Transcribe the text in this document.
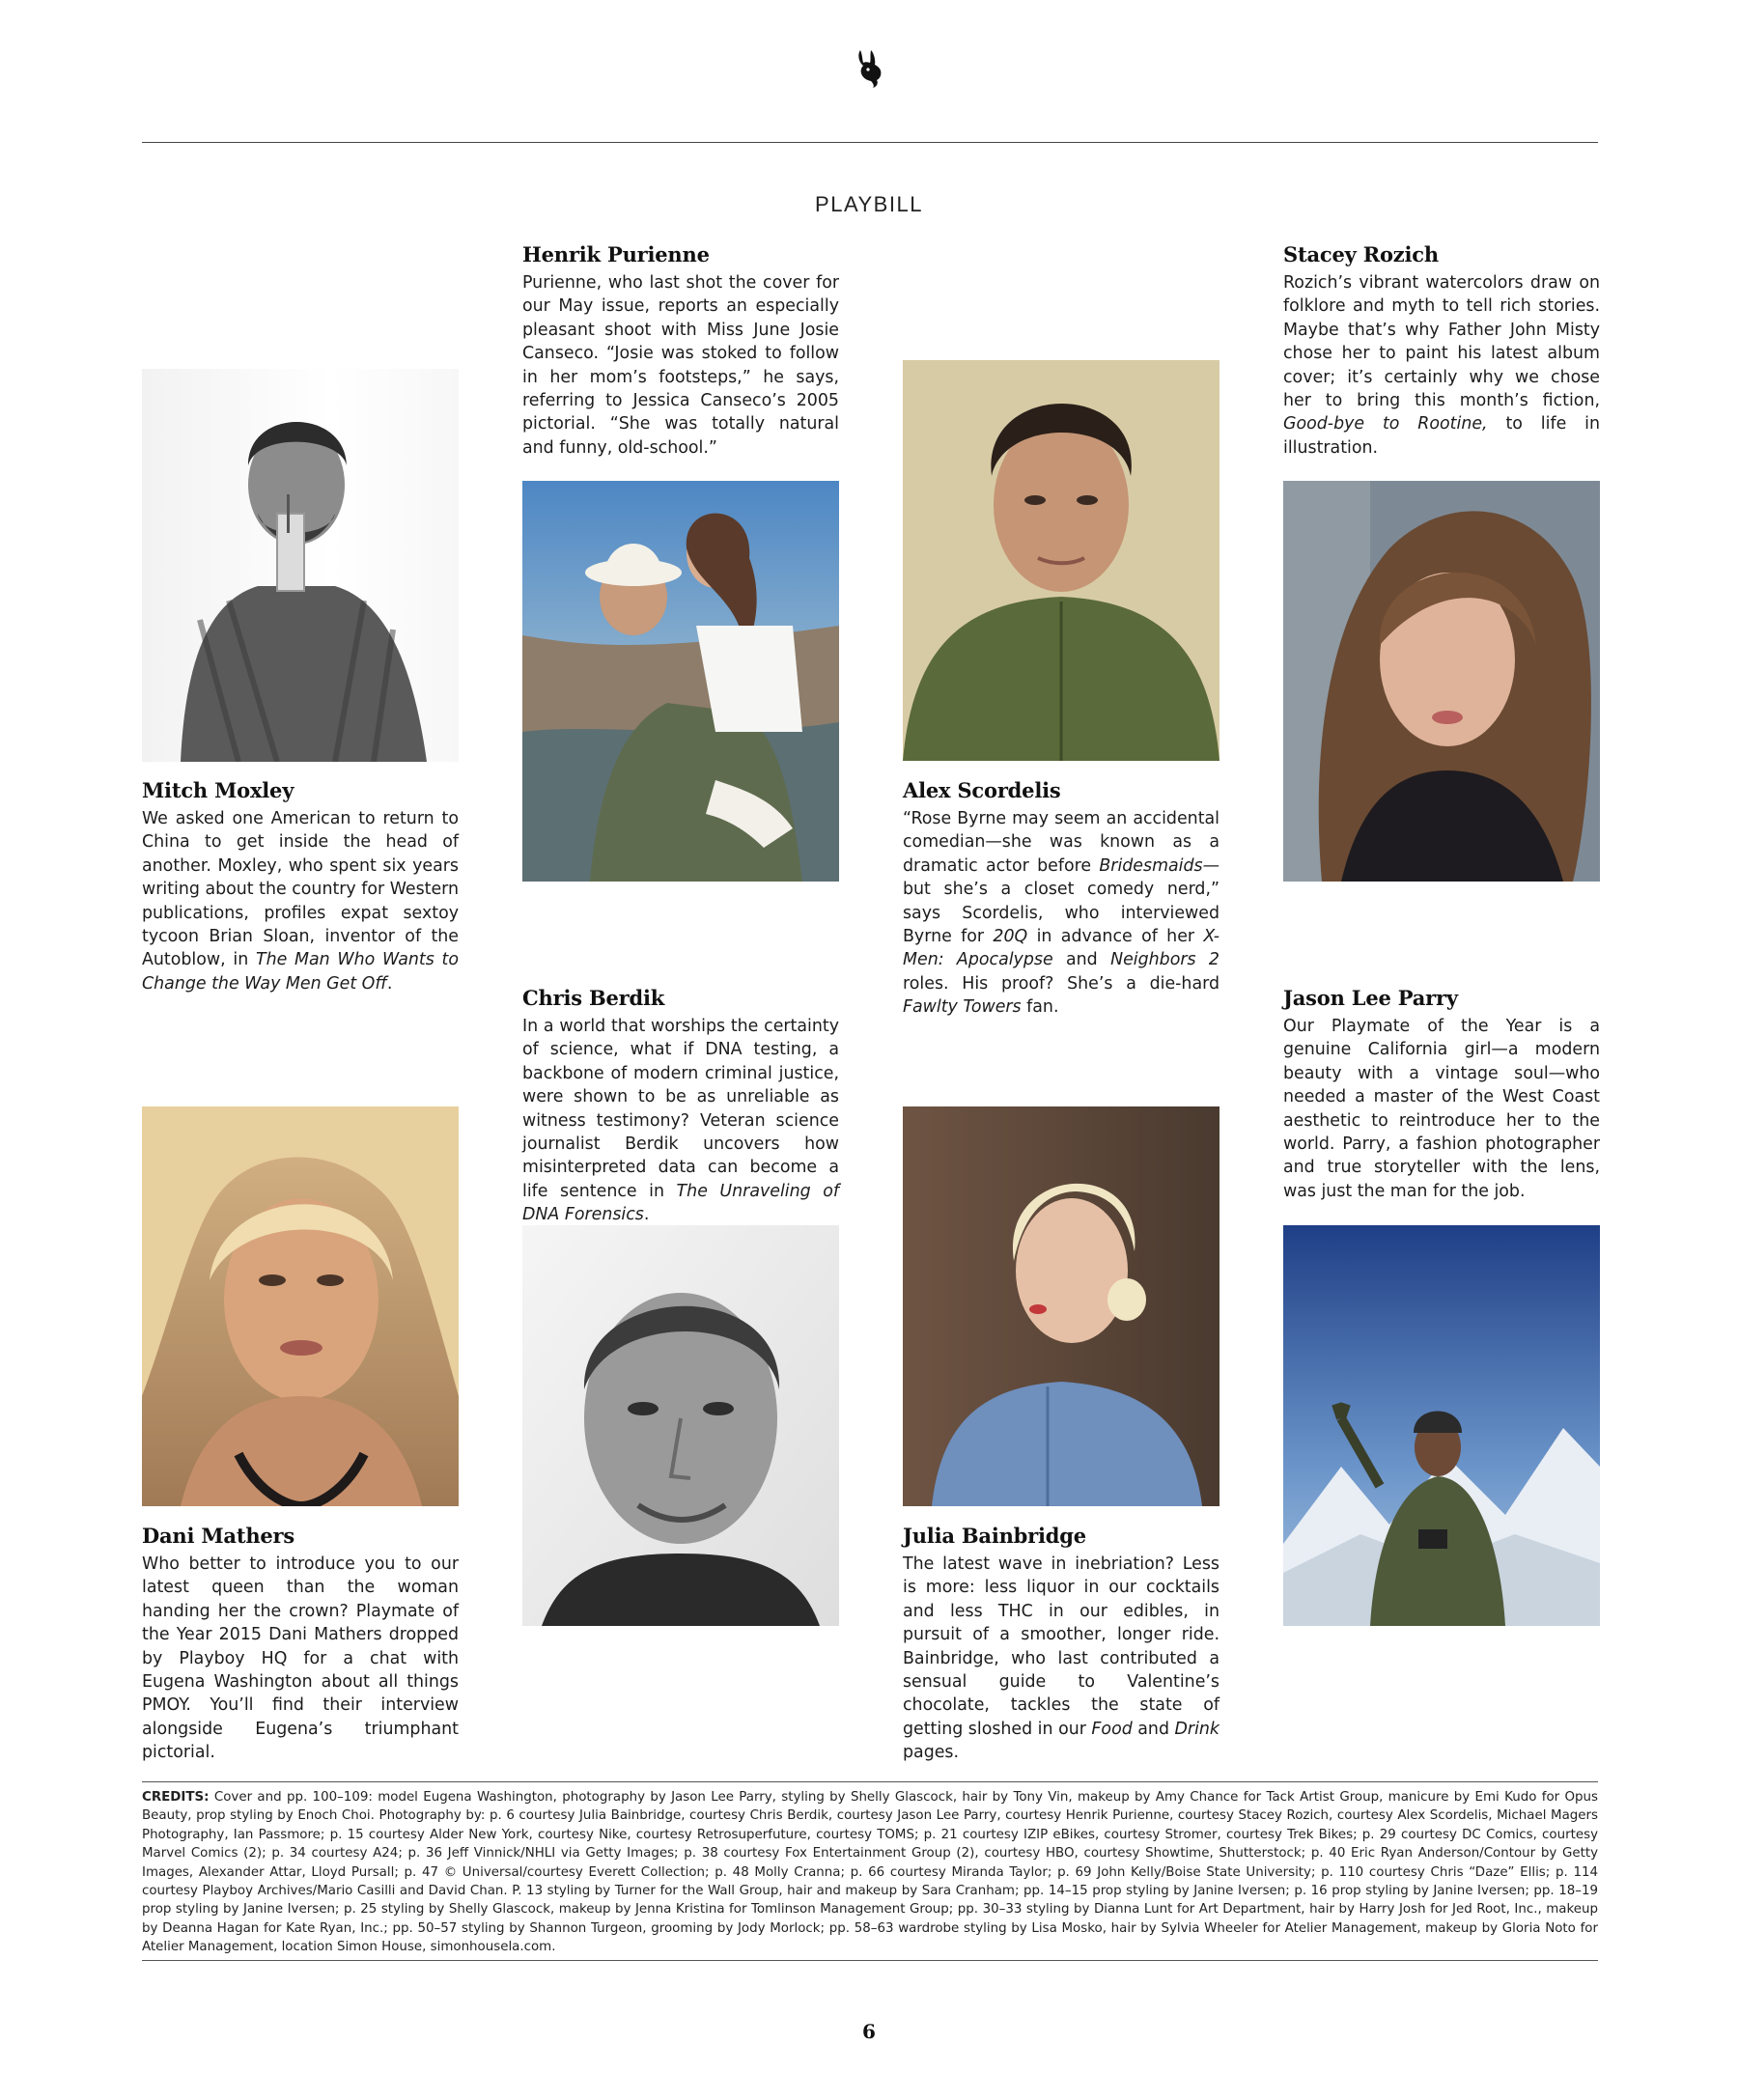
PLAYBILL
Mitch Moxley

We asked one American to return to China to get inside the head of another. Moxley, who spent six years writing about the country for Western publications, profiles expat sextoy tycoon Brian Sloan, inventor of the Autoblow, in The Man Who Wants to Change the Way Men Get Off.

Dani Mathers

Who better to introduce you to our latest queen than the woman handing her the crown? Playmate of the Year 2015 Dani Mathers dropped by Playboy HQ for a chat with Eugena Washington about all things PMOY. You’ll find their interview alongside Eugena’s triumphant pictorial.

Henrik Purienne

Purienne, who last shot the cover for our May issue, reports an especially pleasant shoot with Miss June Josie Canseco. “Josie was stoked to follow in her mom’s footsteps,” he says, referring to Jessica Canseco’s 2005 pictorial. “She was totally natural and funny, old-school.”

Chris Berdik

In a world that worships the certainty of science, what if DNA testing, a backbone of modern criminal justice, were shown to be as unreliable as witness testimony? Veteran science journalist Berdik uncovers how misinterpreted data can become a life sentence in The Unraveling of DNA Forensics.

Alex Scordelis

“Rose Byrne may seem an accidental comedian—she was known as a dramatic actor before Bridesmaids— but she’s a closet comedy nerd,” says Scordelis, who interviewed Byrne for 20Q in advance of her X-Men: Apocalypse and Neighbors 2 roles. His proof? She’s a die-hard Fawlty Towers fan.

Julia Bainbridge

The latest wave in inebriation? Less is more: less liquor in our cocktails and less THC in our edibles, in pursuit of a smoother, longer ride. Bainbridge, who last contributed a sensual guide to Valentine’s chocolate, tackles the state of getting sloshed in our Food and Drink pages.

Stacey Rozich

Rozich’s vibrant watercolors draw on folklore and myth to tell rich stories. Maybe that’s why Father John Misty chose her to paint his latest album cover; it’s certainly why we chose her to bring this month’s fiction, Good-bye to Rootine, to life in illustration.

Jason Lee Parry

Our Playmate of the Year is a genuine California girl—a modern beauty with a vintage soul—who needed a master of the West Coast aesthetic to reintroduce her to the world. Parry, a fashion photographer and true storyteller with the lens, was just the man for the job.

CREDITS: Cover and pp. 100–109: model Eugena Washington, photography by Jason Lee Parry, styling by Shelly Glascock, hair by Tony Vin, makeup by Amy Chance for Tack Artist Group, manicure by Emi Kudo for Opus Beauty, prop styling by Enoch Choi. Photography by: p. 6 courtesy Julia Bainbridge, courtesy Chris Berdik, courtesy Jason Lee Parry, courtesy Henrik Purienne, courtesy Stacey Rozich, courtesy Alex Scordelis, Michael Magers Photography, Ian Passmore; p. 15 courtesy Alder New York, courtesy Nike, courtesy Retrosuperfuture, courtesy TOMS; p. 21 courtesy IZIP eBikes, courtesy Stromer, courtesy Trek Bikes; p. 29 courtesy DC Comics, courtesy Marvel Comics (2); p. 34 courtesy A24; p. 36 Jeff Vinnick/NHLI via Getty Images; p. 38 courtesy Fox Entertainment Group (2), courtesy HBO, courtesy Showtime, Shutterstock; p. 40 Eric Ryan Anderson/Contour by Getty Images, Alexander Attar, Lloyd Pursall; p. 47 © Universal/courtesy Everett Collection; p. 48 Molly Cranna; p. 66 courtesy Miranda Taylor; p. 69 John Kelly/Boise State University; p. 110 courtesy Chris “Daze” Ellis; p. 114 courtesy Playboy Archives/Mario Casilli and David Chan. P. 13 styling by Turner for the Wall Group, hair and makeup by Sara Cranham; pp. 14–15 prop styling by Janine Iversen; p. 16 prop styling by Janine Iversen; pp. 18–19 prop styling by Janine Iversen; p. 25 styling by Shelly Glascock, makeup by Jenna Kristina for Tomlinson Management Group; pp. 30–33 styling by Dianna Lunt for Art Department, hair by Harry Josh for Jed Root, Inc., makeup by Deanna Hagan for Kate Ryan, Inc.; pp. 50–57 styling by Shannon Turgeon, grooming by Jody Morlock; pp. 58–63 wardrobe styling by Lisa Mosko, hair by Sylvia Wheeler for Atelier Management, makeup by Gloria Noto for Atelier Management, location Simon House, simonhousela.com.

6
